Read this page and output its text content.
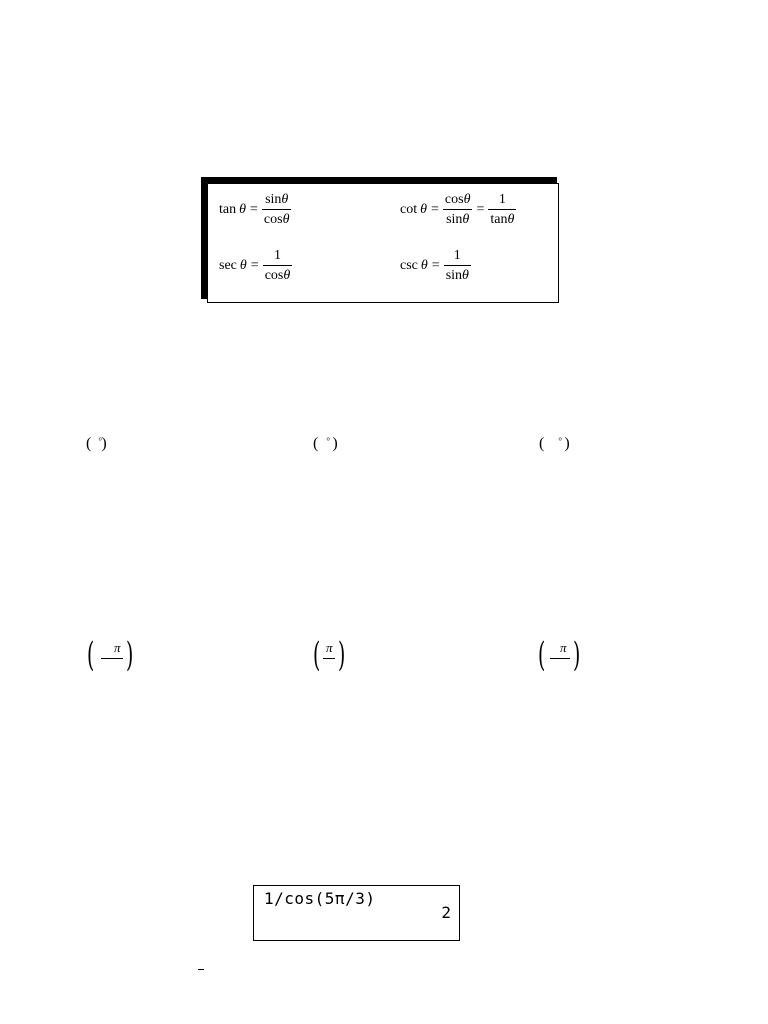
$\tan \theta = \frac{\sin\theta}{\cos\theta}$	$\cot \theta = \frac{\cos\theta}{\sin\theta} = \frac{1}{\tan\theta}$
$\sec \theta = \frac{1}{\cos\theta}$	$\csc \theta = \frac{1}{\sin\theta}$
( ° )	( ° )	( ° )
( π )	( π )	( π )
1/cos(5π/3)
2
